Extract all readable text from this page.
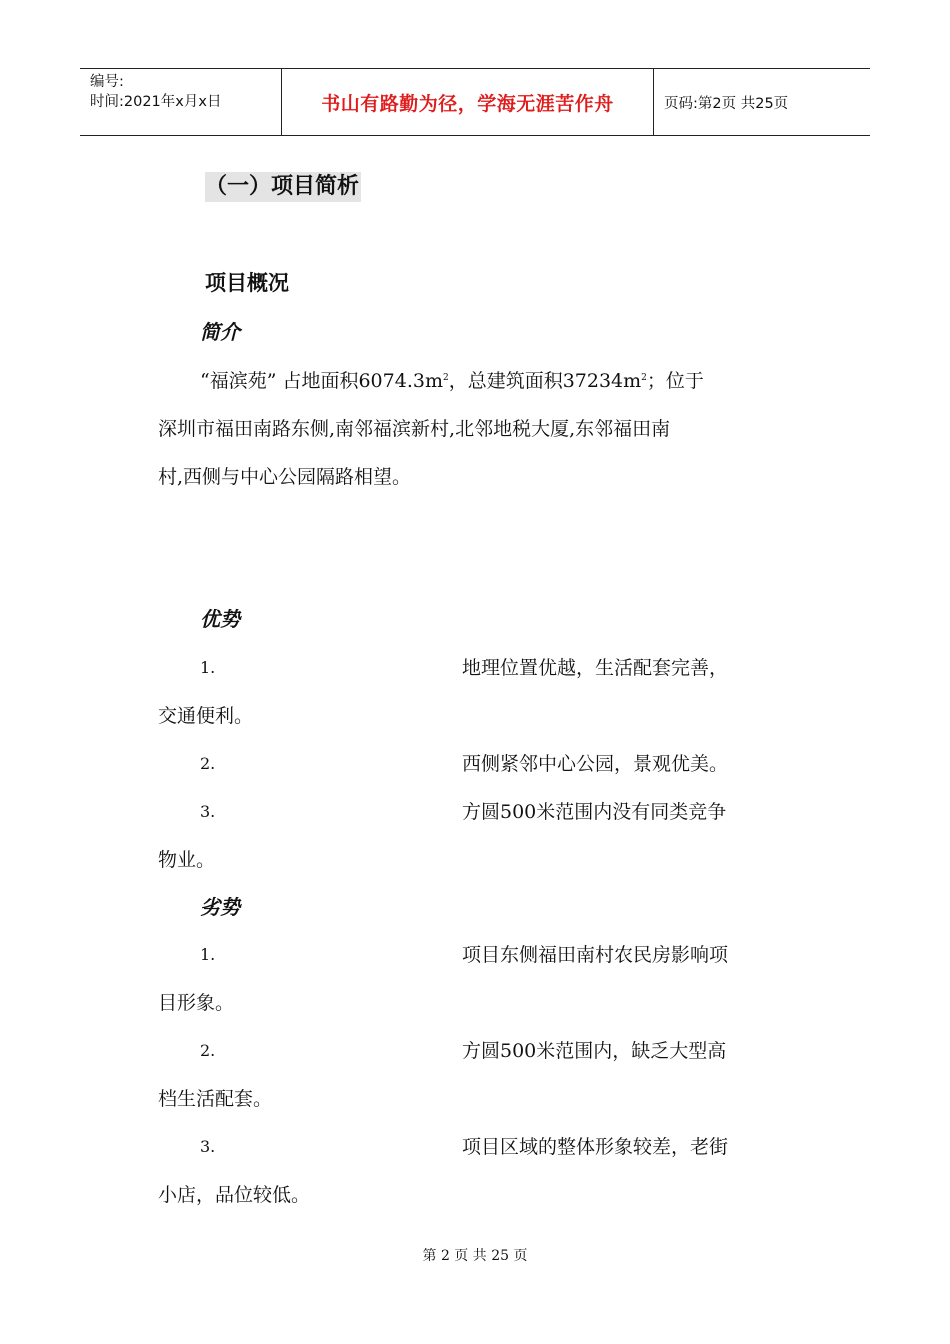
编号:
时间:2021年x月x日	书山有路勤为径，学海无涯苦作舟	页码:第2页 共25页
（一）项目简析
项目概况
简介

“福滨苑” 占地面积$6074.3m^2$，总建筑面积$37234m^2$；位于

深圳市福田南路东侧,南邻福滨新村,北邻地税大厦,东邻福田南

村,西侧与中心公园隔路相望。

优势
1.	地理位置优越，生活配套完善，
交通便利。
2.	西侧紧邻中心公园，景观优美。
3.	方圆500米范围内没有同类竞争
物业。
劣势
1.	项目东侧福田南村农民房影响项
目形象。
2.	方圆500米范围内，缺乏大型高
档生活配套。
3.	项目区域的整体形象较差，老街
小店，品位较低。
第 2 页 共 25 页
